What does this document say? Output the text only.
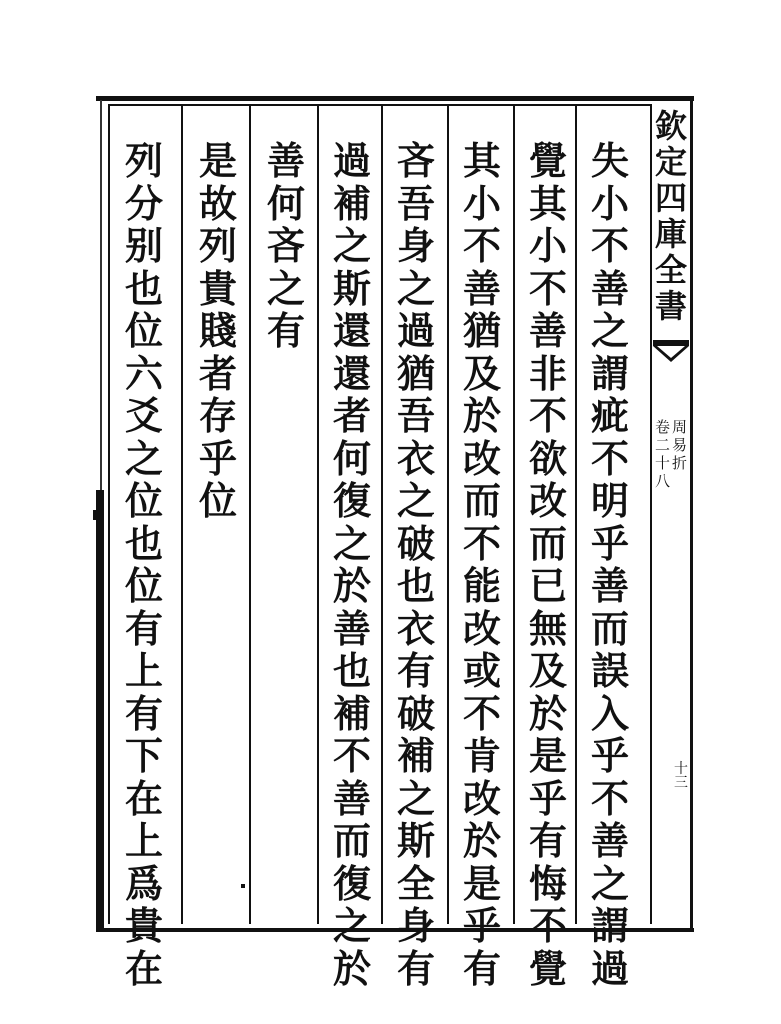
欽
定
四
庫
全
書
周
易
折
卷
二
十
八
十
三
失
小
不
善
之
謂
疵
不
明
乎
善
而
誤
入
乎
不
善
之
謂
過
覺
其
小
不
善
非
不
欲
改
而
已
無
及
於
是
乎
有
悔
不
覺
其
小
不
善
猶
及
於
改
而
不
能
改
或
不
肯
改
於
是
乎
有
吝
吾
身
之
過
猶
吾
衣
之
破
也
衣
有
破
補
之
斯
全
身
有
過
補
之
斯
還
還
者
何
復
之
於
善
也
補
不
善
而
復
之
於
善
何
吝
之
有
是
故
列
貴
賤
者
存
乎
位
列
分
别
也
位
六
爻
之
位
也
位
有
上
有
下
在
上
爲
貴
在
